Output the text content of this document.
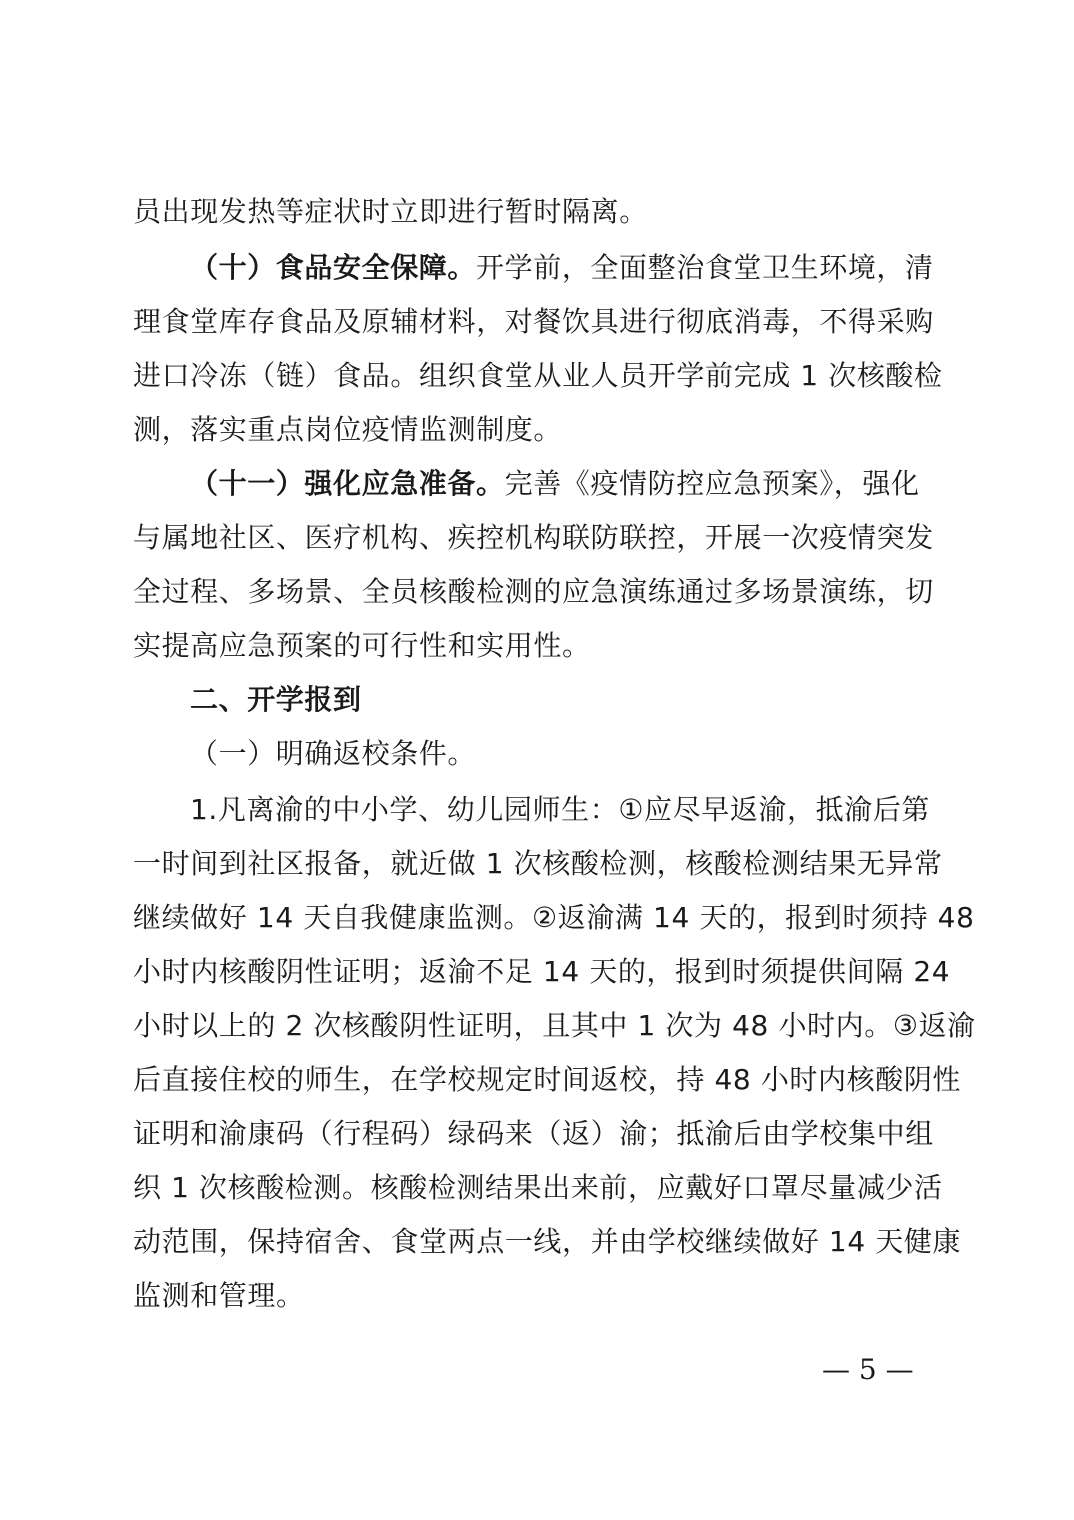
员出现发热等症状时立即进行暂时隔离。
（十）食品安全保障。开学前，全面整治食堂卫生环境，清
理食堂库存食品及原辅材料，对餐饮具进行彻底消毒，不得采购
进口冷冻（链）食品。组织食堂从业人员开学前完成 1 次核酸检
测，落实重点岗位疫情监测制度。
（十一）强化应急准备。完善《疫情防控应急预案》，强化
与属地社区、医疗机构、疾控机构联防联控，开展一次疫情突发
全过程、多场景、全员核酸检测的应急演练通过多场景演练，切
实提高应急预案的可行性和实用性。
二、开学报到
（一）明确返校条件。
1.凡离渝的中小学、幼儿园师生：①应尽早返渝，抵渝后第
一时间到社区报备，就近做 1 次核酸检测，核酸检测结果无异常
继续做好 14 天自我健康监测。②返渝满 14 天的，报到时须持 48
小时内核酸阴性证明；返渝不足 14 天的，报到时须提供间隔 24
小时以上的 2 次核酸阴性证明，且其中 1 次为 48 小时内。③返渝
后直接住校的师生，在学校规定时间返校，持 48 小时内核酸阴性
证明和渝康码（行程码）绿码来（返）渝；抵渝后由学校集中组
织 1 次核酸检测。核酸检测结果出来前，应戴好口罩尽量减少活
动范围，保持宿舍、食堂两点一线，并由学校继续做好 14 天健康
监测和管理。
— 5 —
